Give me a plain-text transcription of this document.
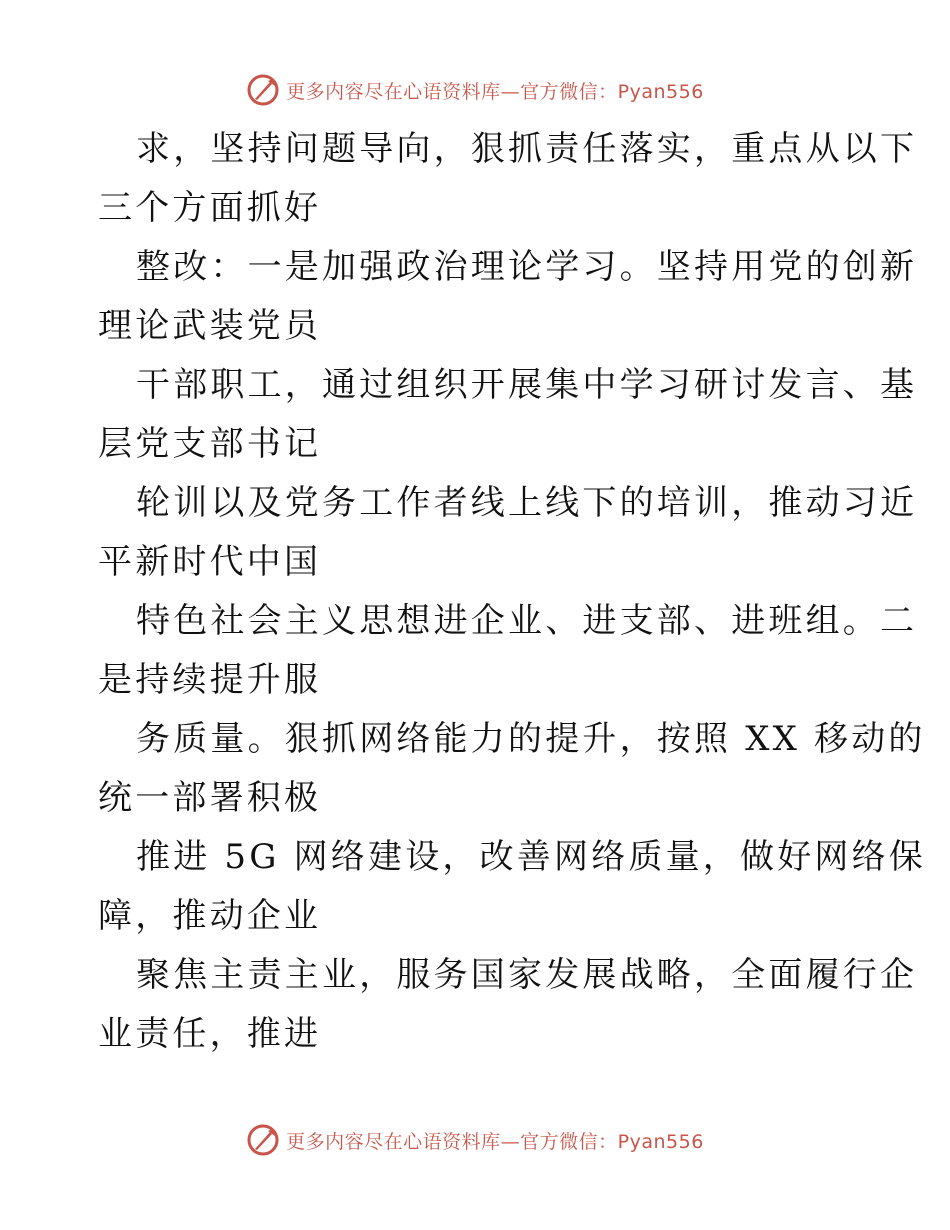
更多内容尽在心语资料库—官方微信：Pyan556
求，坚持问题导向，狠抓责任落实，重点从以下
三个方面抓好
整改：一是加强政治理论学习。坚持用党的创新
理论武装党员
干部职工，通过组织开展集中学习研讨发言、基
层党支部书记
轮训以及党务工作者线上线下的培训，推动习近
平新时代中国
特色社会主义思想进企业、进支部、进班组。二
是持续提升服
务质量。狠抓网络能力的提升，按照 XX 移动的
统一部署积极
推进 5G 网络建设，改善网络质量，做好网络保
障，推动企业
聚焦主责主业，服务国家发展战略，全面履行企
业责任，推进
更多内容尽在心语资料库—官方微信：Pyan556
